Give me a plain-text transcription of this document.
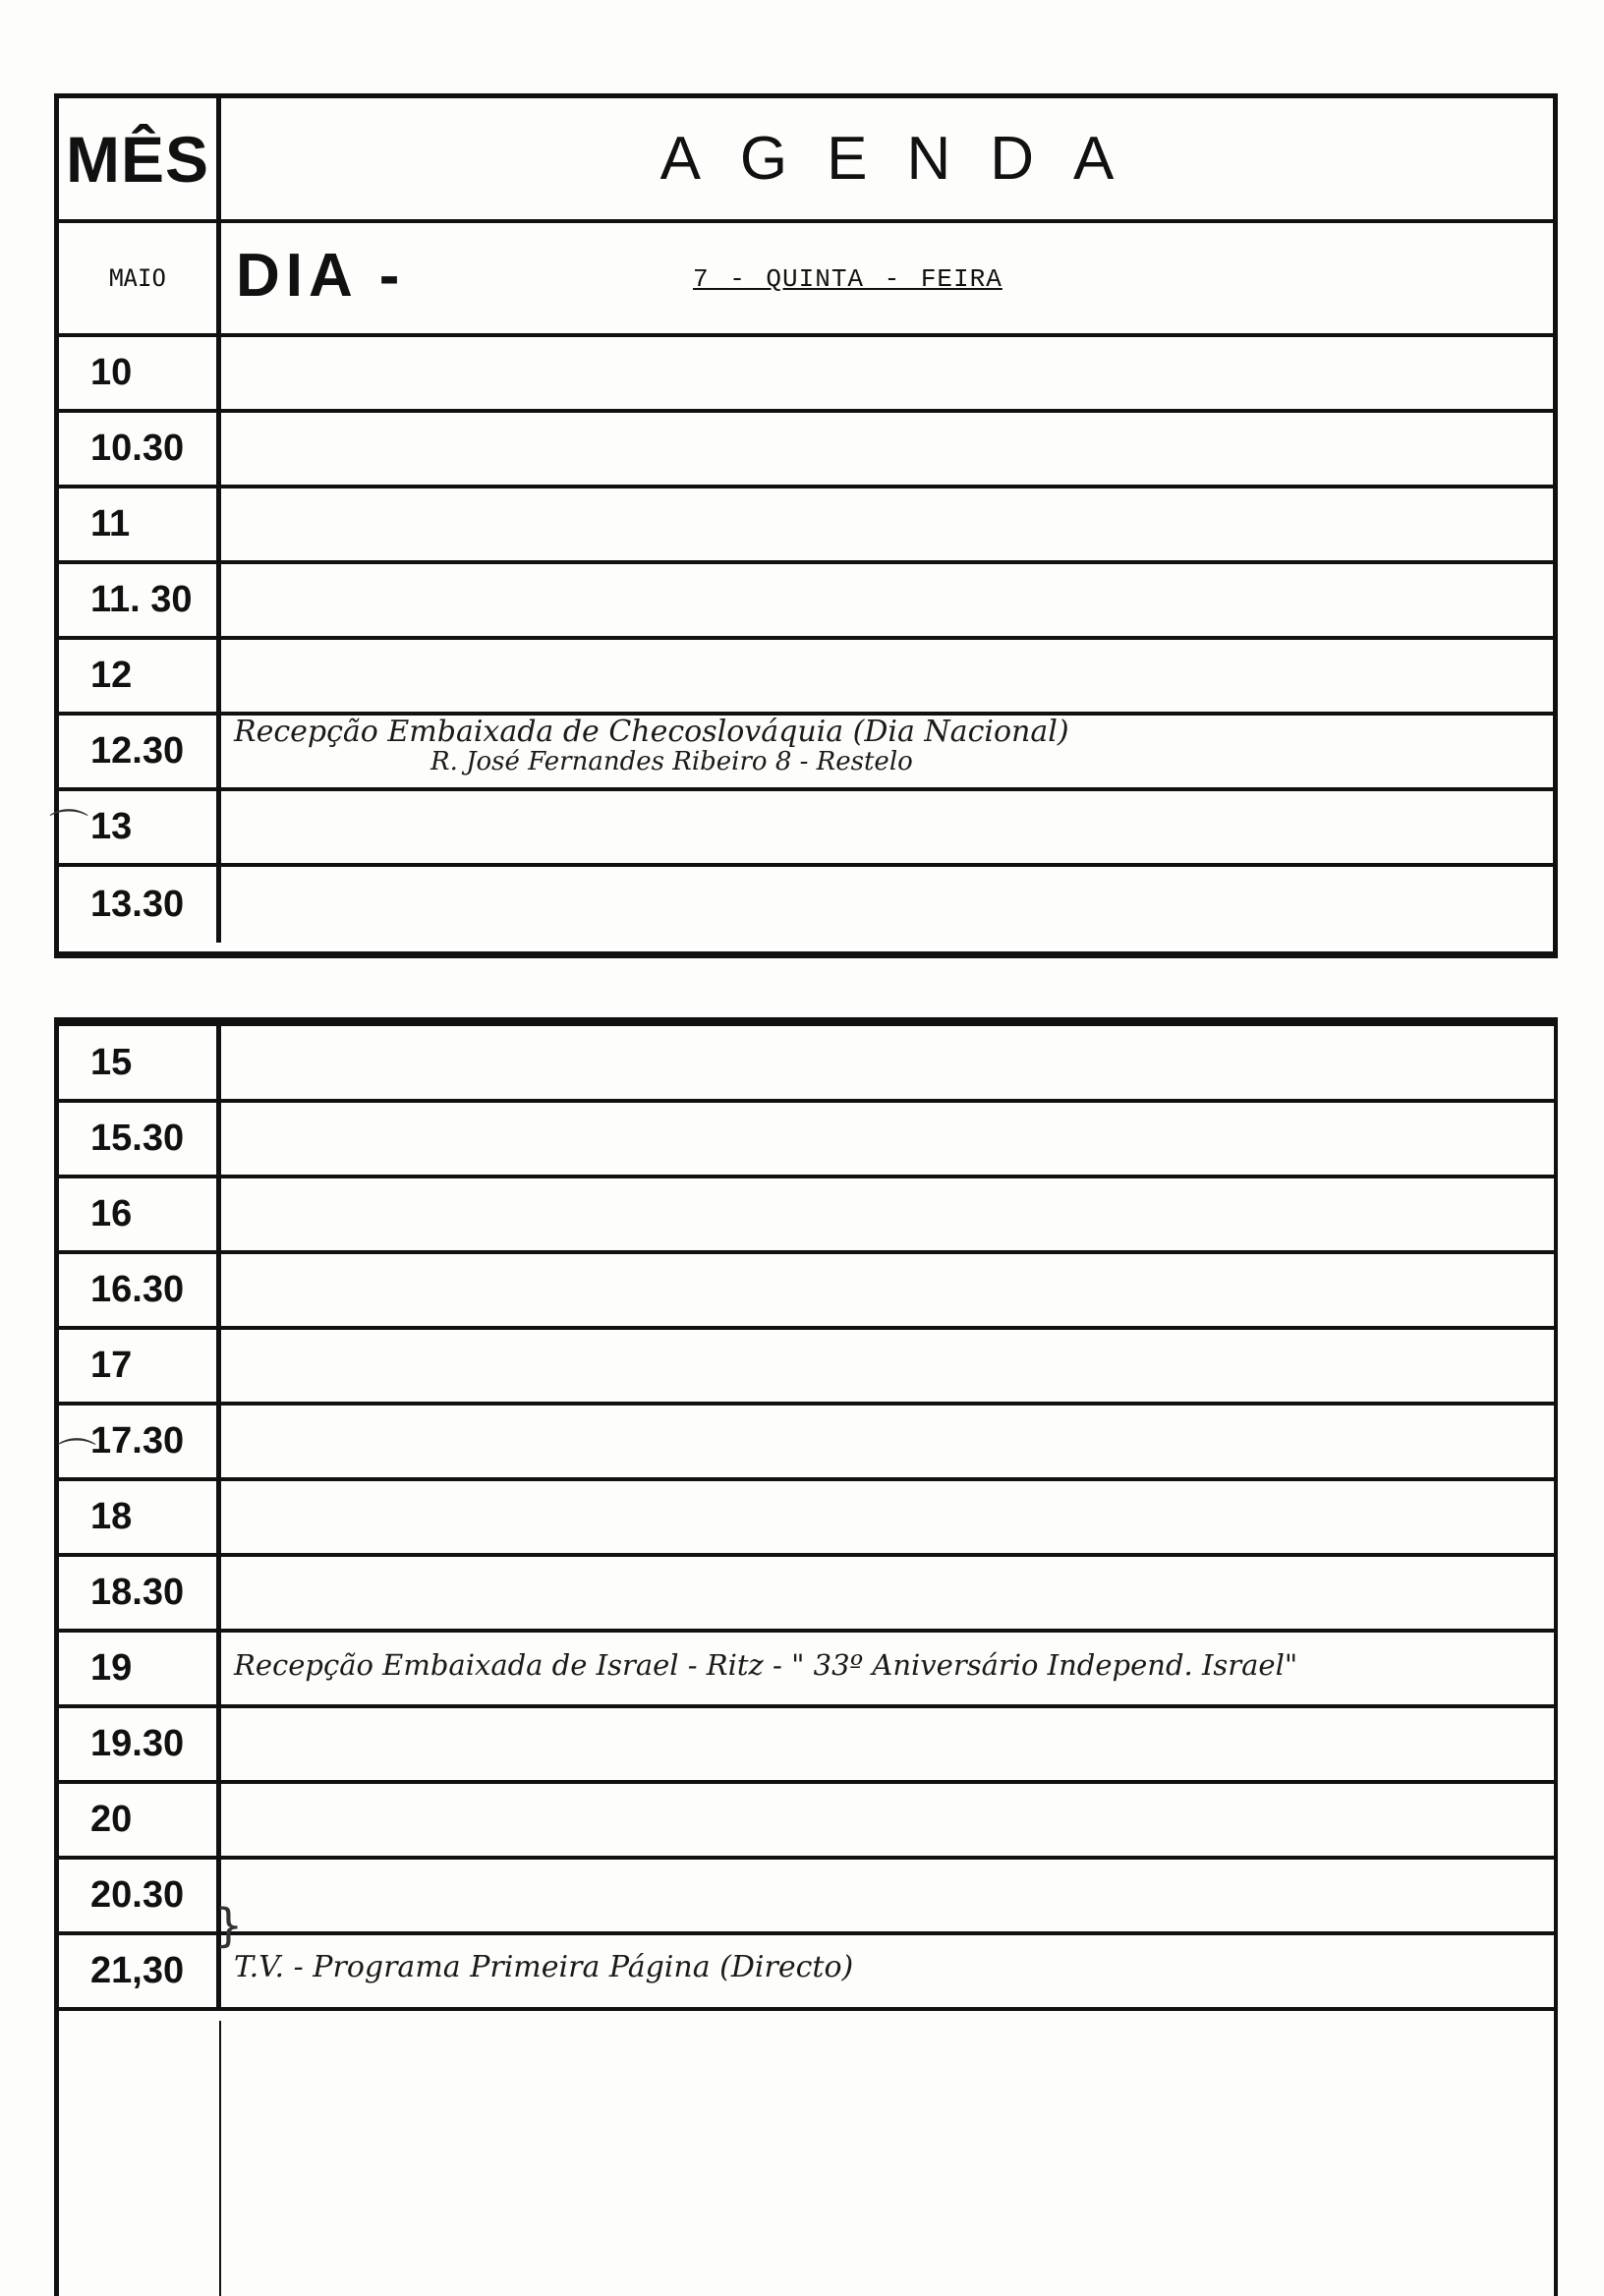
MÊS	AGENDA
MAIO	DIA -	7 - QUINTA - FEIRA
10
10.30
11
11. 30
12
12.30	Recepção Embaixada de Checoslováquia (Dia Nacional)
R. José Fernandes Ribeiro 8 - Restelo
13
13.30
15
15.30
16
16.30
17
17.30
18
18.30
19	Recepção Embaixada de Israel - Ritz - " 33º Aniversário Independ. Israel"
19.30
20
20.30
21,30	T.V. - Programa Primeira Página (Directo)
⌒
⌒
}
